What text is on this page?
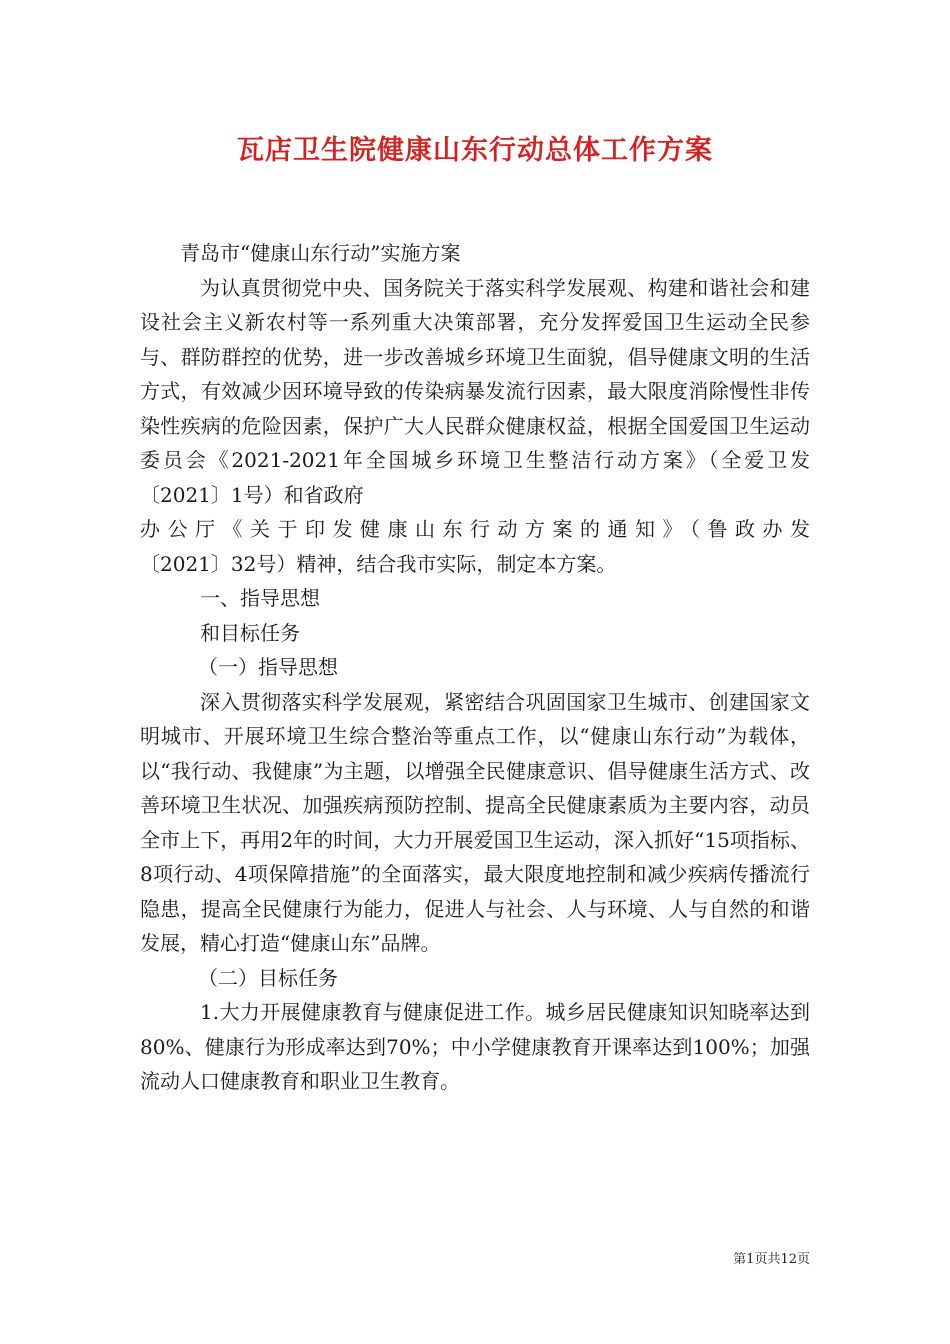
瓦店卫生院健康山东行动总体工作方案

青岛市“健康山东行动”实施方案

为认真贯彻党中央、国务院关于落实科学发展观、构建和谐社会和建设社会主义新农村等一系列重大决策部署，充分发挥爱国卫生运动全民参与、群防群控的优势，进一步改善城乡环境卫生面貌，倡导健康文明的生活方式，有效减少因环境导致的传染病暴发流行因素，最大限度消除慢性非传染性疾病的危险因素，保护广大人民群众健康权益，根据全国爱国卫生运动委员会《2021-2021年全国城乡环境卫生整洁行动方案》（全爱卫发〔2021〕1号）和省政府

办公厅《关于印发健康山东行动方案的通知》（鲁政办发

〔2021〕32号）精神，结合我市实际，制定本方案。

一、指导思想

和目标任务

（一）指导思想

深入贯彻落实科学发展观，紧密结合巩固国家卫生城市、创建国家文明城市、开展环境卫生综合整治等重点工作，以“健康山东行动”为载体，以“我行动、我健康”为主题，以增强全民健康意识、倡导健康生活方式、改善环境卫生状况、加强疾病预防控制、提高全民健康素质为主要内容，动员全市上下，再用2年的时间，大力开展爱国卫生运动，深入抓好“15项指标、8项行动、4项保障措施”的全面落实，最大限度地控制和减少疾病传播流行隐患，提高全民健康行为能力，促进人与社会、人与环境、人与自然的和谐发展，精心打造“健康山东”品牌。

（二）目标任务

1.大力开展健康教育与健康促进工作。城乡居民健康知识知晓率达到80%、健康行为形成率达到70%；中小学健康教育开课率达到100%；加强流动人口健康教育和职业卫生教育。

第1页共12页
